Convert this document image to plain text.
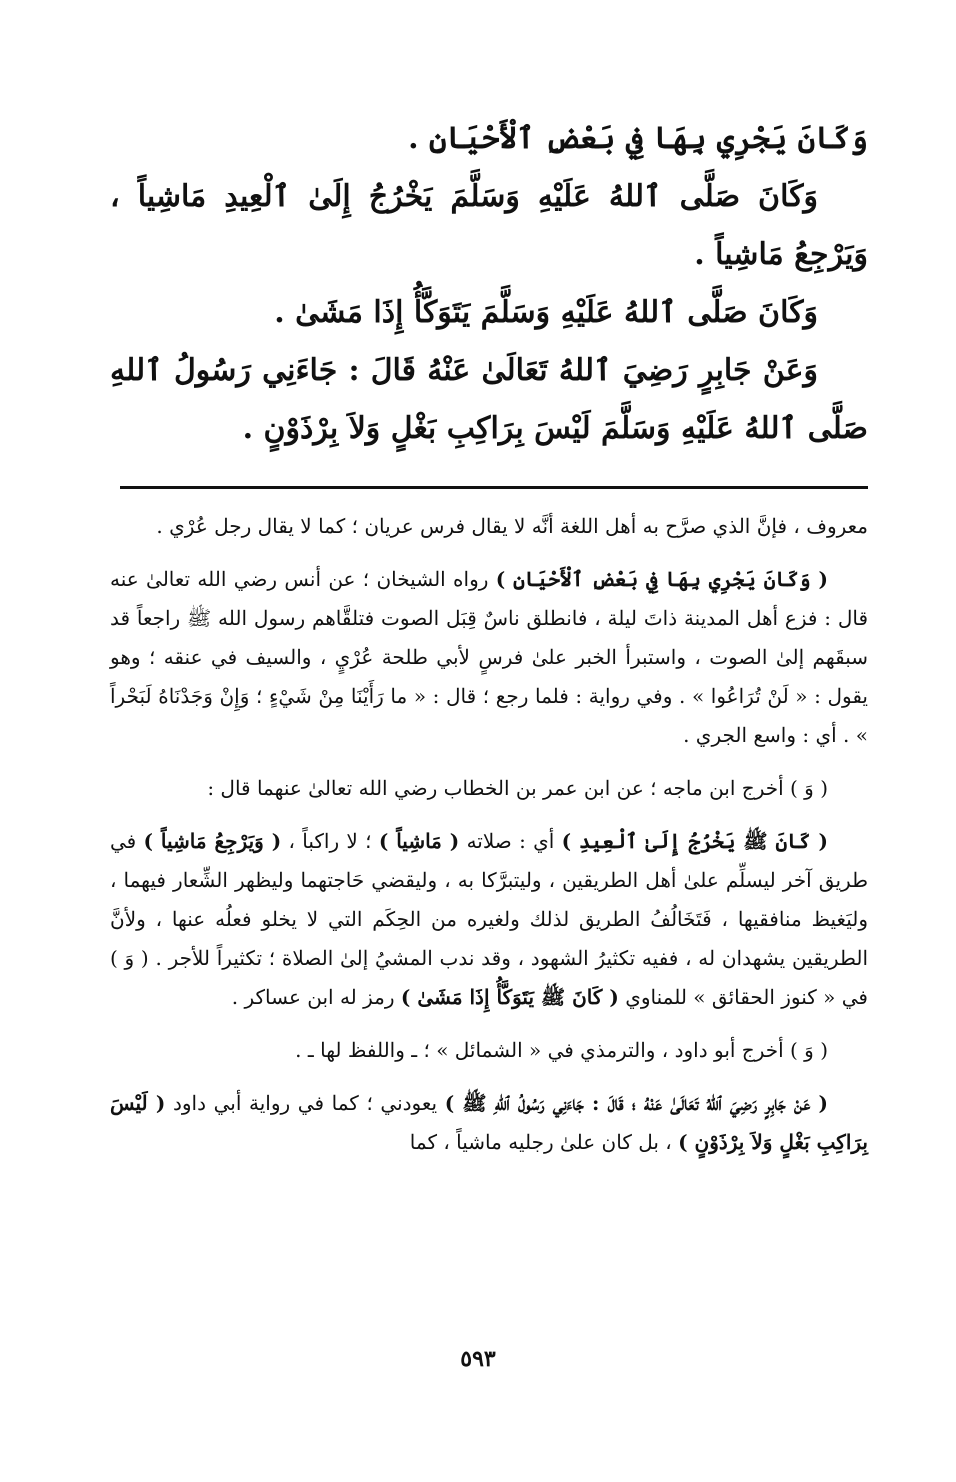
وَكَانَ يَجْرِي بِهَا فِي بَعْضِ ٱلْأَحْيَانِ .

وَكَانَ صَلَّى ٱللهُ عَلَيْهِ وَسَلَّمَ يَخْرُجُ إِلَىٰ ٱلْعِيدِ مَاشِياً ، وَيَرْجِعُ مَاشِياً .

وَكَانَ صَلَّى ٱللهُ عَلَيْهِ وَسَلَّمَ يَتَوَكَّأُ إِذَا مَشَىٰ .

وَعَنْ جَابِرٍ رَضِيَ ٱللهُ تَعَالَىٰ عَنْهُ قَالَ : جَاءَنِي رَسُولُ ٱللهِ صَلَّى ٱللهُ عَلَيْهِ وَسَلَّمَ لَيْسَ بِرَاكِبِ بَغْلٍ وَلاَ بِرْذَوْنٍ .

معروف ، فإنَّ الذي صرَّح به أهل اللغة أنَّه لا يقال فرس عريان ؛ كما لا يقال رجل عُرْي .

( وَكَانَ يَجْرِي بِهَا فِي بَعْضِ ٱلْأَحْيَانِ ) رواه الشيخان ؛ عن أنس رضي الله تعالىٰ عنه قال : فزع أهل المدينة ذاتَ ليلة ، فانطلق ناسٌ قِبَل الصوت فتلقَّاهم رسول الله ﷺ راجعاً قد سبقَهم إلىٰ الصوت ، واستبرأ الخبر علىٰ فرسٍ لأبي طلحة عُرْيٍ ، والسيف في عنقه ؛ وهو يقول : « لَنْ تُرَاعُوا » . وفي رواية : فلما رجع ؛ قال : « ما رَأَيْنَا مِنْ شَيْءٍ ؛ وَإِنْ وَجَدْنَاهُ لَبَحْراً » . أي : واسع الجري .

( وَ ) أخرج ابن ماجه ؛ عن ابن عمر بن الخطاب رضي الله تعالىٰ عنهما قال :

( كَانَ ﷺ يَخْرُجُ إِلَىٰ ٱلْعِيدِ ) أي : صلاته ( مَاشِياً ) ؛ لا راكباً ، ( وَيَرْجِعُ مَاشِياً ) في طريق آخر ليسلِّم علىٰ أهل الطريقين ، وليتبرَّكا به ، وليقضي حَاجتهما وليظهر الشِّعار فيهما ، وليَغيظ منافقيها ، فَتَخَالُفُ الطريق لذلك ولغيره من الحِكَم التي لا يخلو فعلُه عنها ، ولأنَّ الطريقين يشهدان له ، ففيه تكثيرُ الشهود ، وقد ندب المشيُ إلىٰ الصلاة ؛ تكثيراً للأجر . ( وَ ) في « كنوز الحقائق » للمناوي ( كَانَ ﷺ يَتَوَكَّأُ إِذَا مَشَىٰ ) رمز له ابن عساكر .

( وَ ) أخرج أبو داود ، والترمذي في « الشمائل » ؛ ـ واللفظ لها ـ .

( عَنْ جَابِرٍ رَضِيَ ٱللهُ تَعَالَىٰ عَنْهُ ؛ قَالَ : جَاءَنِي رَسُولُ ٱللهِ ﷺ ) يعودني ؛ كما في رواية أبي داود ( لَيْسَ بِرَاكِبِ بَغْلٍ وَلاَ بِرْذَوْنٍ ) ، بل كان علىٰ رجليه ماشياً ، كما

٥٩٣
